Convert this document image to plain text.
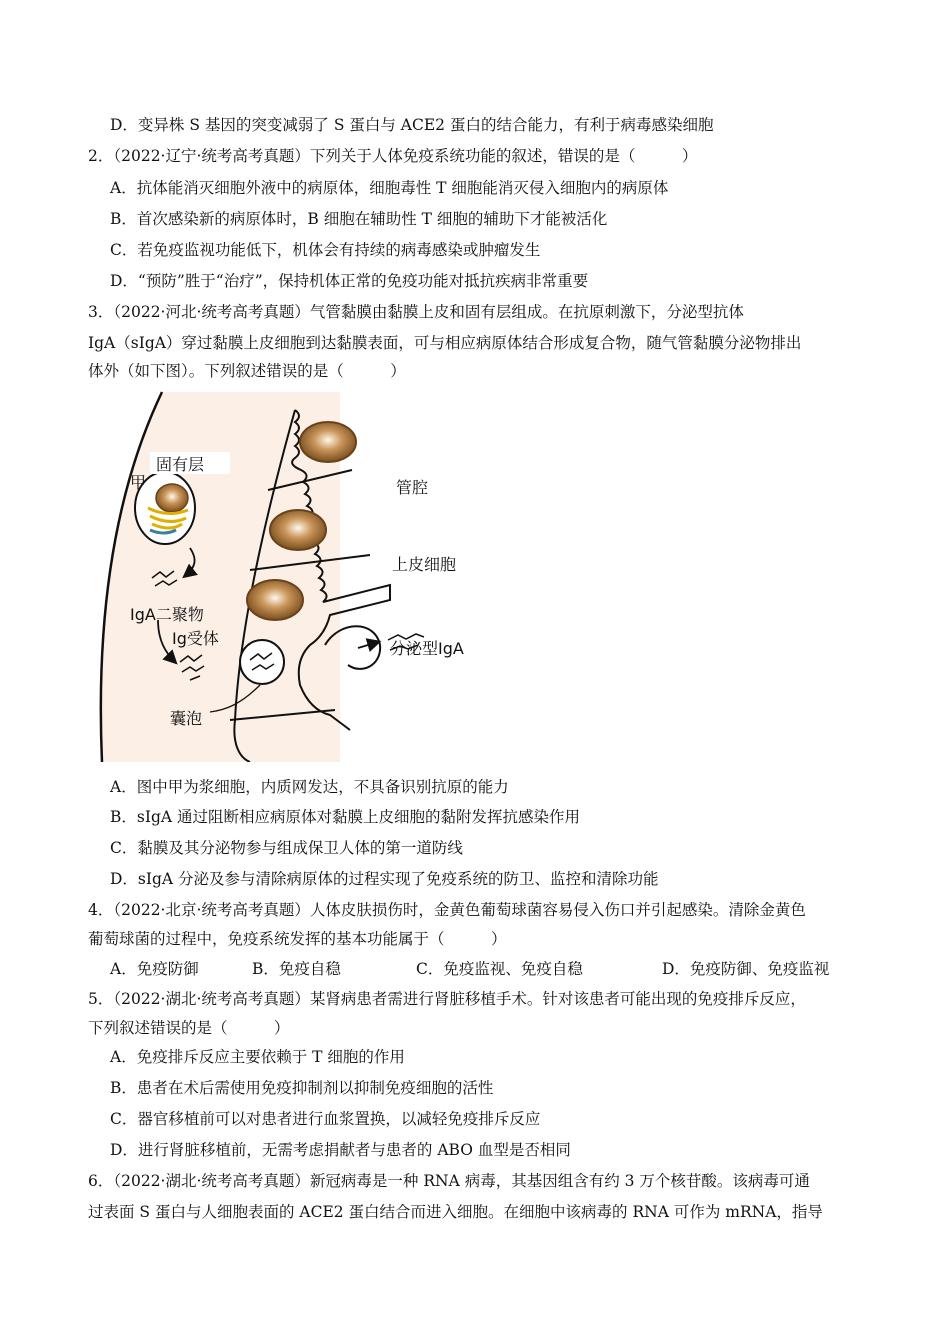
D．变异株 S 基因的突变减弱了 S 蛋白与 ACE2 蛋白的结合能力，有利于病毒感染细胞
2．（2022·辽宁·统考高考真题）下列关于人体免疫系统功能的叙述，错误的是（　　　）
A．抗体能消灭细胞外液中的病原体，细胞毒性 T 细胞能消灭侵入细胞内的病原体
B．首次感染新的病原体时，B 细胞在辅助性 T 细胞的辅助下才能被活化
C．若免疫监视功能低下，机体会有持续的病毒感染或肿瘤发生
D．“预防”胜于“治疗”，保持机体正常的免疫功能对抵抗疾病非常重要
3．（2022·河北·统考高考真题）气管黏膜由黏膜上皮和固有层组成。在抗原刺激下，分泌型抗体
IgA（sIgA）穿过黏膜上皮细胞到达黏膜表面，可与相应病原体结合形成复合物，随气管黏膜分泌物排出
体外（如下图）。下列叙述错误的是（　　　）
固有层
甲	管腔
上皮细胞
IgA二聚物
Ig受体
分泌型IgA
囊泡
A．图中甲为浆细胞，内质网发达，不具备识别抗原的能力
B．sIgA 通过阻断相应病原体对黏膜上皮细胞的黏附发挥抗感染作用
C．黏膜及其分泌物参与组成保卫人体的第一道防线
D．sIgA 分泌及参与清除病原体的过程实现了免疫系统的防卫、监控和清除功能
4．（2022·北京·统考高考真题）人体皮肤损伤时，金黄色葡萄球菌容易侵入伤口并引起感染。清除金黄色
葡萄球菌的过程中，免疫系统发挥的基本功能属于（　　　）
A．免疫防御	B．免疫自稳	C．免疫监视、免疫自稳	D．免疫防御、免疫监视
5．（2022·湖北·统考高考真题）某肾病患者需进行肾脏移植手术。针对该患者可能出现的免疫排斥反应，
下列叙述错误的是（　　　）
A．免疫排斥反应主要依赖于 T 细胞的作用
B．患者在术后需使用免疫抑制剂以抑制免疫细胞的活性
C．器官移植前可以对患者进行血浆置换，以减轻免疫排斥反应
D．进行肾脏移植前，无需考虑捐献者与患者的 ABO 血型是否相同
6．（2022·湖北·统考高考真题）新冠病毒是一种 RNA 病毒，其基因组含有约 3 万个核苷酸。该病毒可通
过表面 S 蛋白与人细胞表面的 ACE2 蛋白结合而进入细胞。在细胞中该病毒的 RNA 可作为 mRNA，指导
